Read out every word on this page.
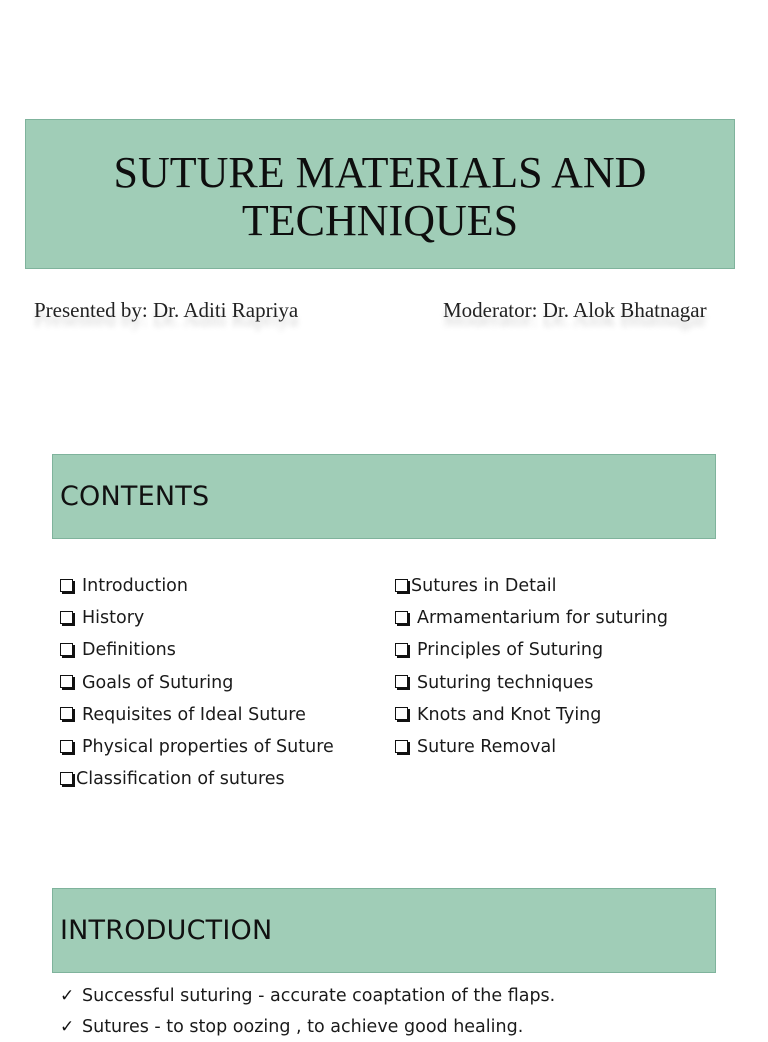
SUTURE MATERIALS AND TECHNIQUES
Presented by: Dr. Aditi Rapriya	Moderator: Dr. Alok Bhatnagar
CONTENTS
Introduction
History
Definitions
Goals of Suturing
Requisites of Ideal Suture
Physical properties of Suture
Classification of sutures
Sutures in Detail
Armamentarium for suturing
Principles of Suturing
Suturing techniques
Knots and Knot Tying
Suture Removal
INTRODUCTION
✓ Successful suturing - accurate coaptation of the flaps.
✓ Sutures - to stop oozing , to achieve good healing.
